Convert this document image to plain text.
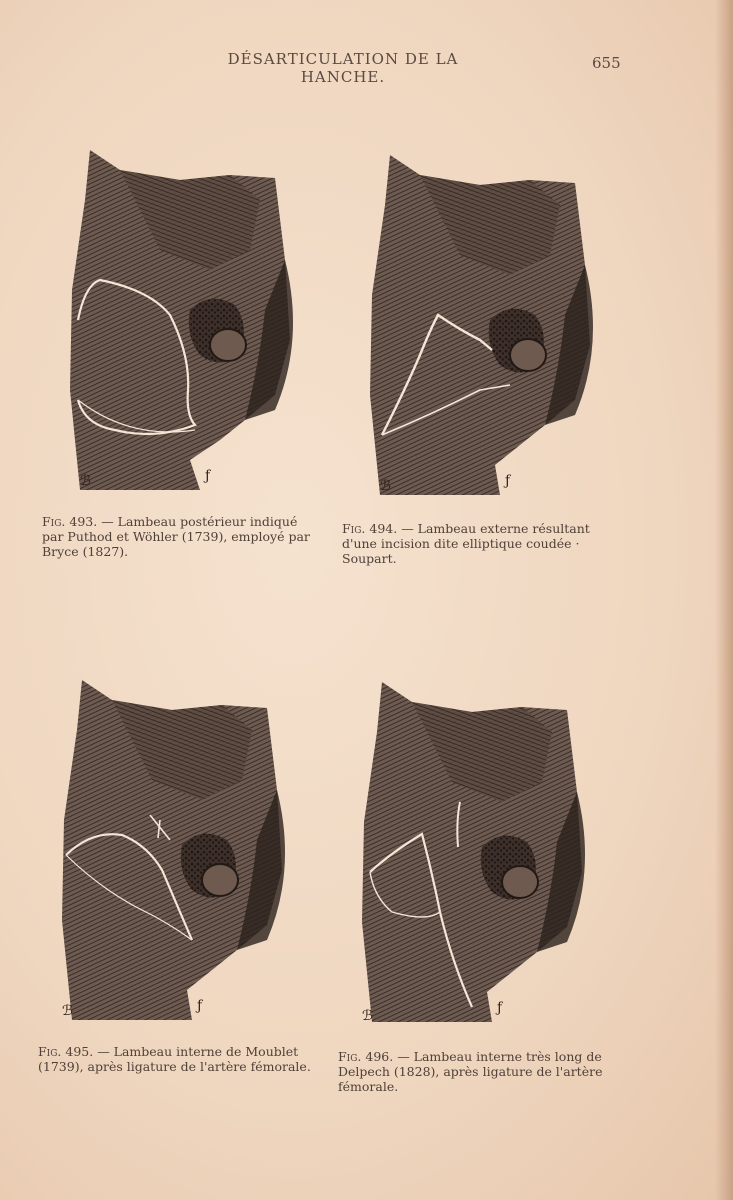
DÉSARTICULATION DE LA HANCHE.
655
ℬ	ƒ
Fig. 493. — Lambeau postérieur indiqué par Puthod et Wöhler (1739), employé par Bryce (1827).
ℬ	ƒ
Fig. 494. — Lambeau externe résultant d'une incision dite elliptique coudée · Soupart.
ℬ	ƒ
Fig. 495. — Lambeau interne de Moublet (1739), après ligature de l'artère fémorale.
ℬ	ƒ
Fig. 496. — Lambeau interne très long de Delpech (1828), après ligature de l'artère fémorale.
